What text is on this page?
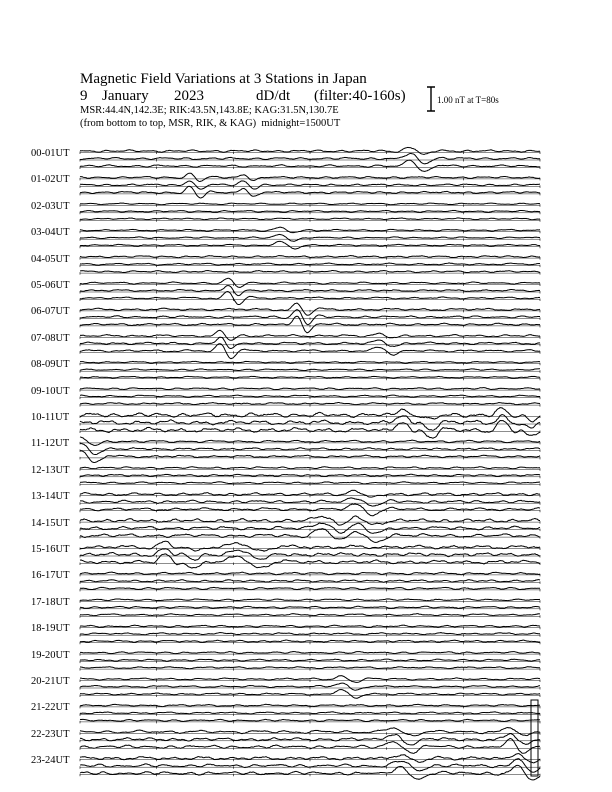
Magnetic Field Variations at 3 Stations in Japan
9 January 2023	dD/dt (filter:40-160s)
MSR:44.4N,142.3E; RIK:43.5N,143.8E; KAG:31.5N,130.7E
(from bottom to top, MSR, RIK, & KAG) midnight=1500UT
1.00 nT at T=80s
00-01UT
01-02UT
02-03UT
03-04UT
04-05UT
05-06UT
06-07UT
07-08UT
08-09UT
09-10UT
10-11UT
11-12UT
12-13UT
13-14UT
14-15UT
15-16UT
16-17UT
17-18UT
18-19UT
19-20UT
20-21UT
21-22UT
22-23UT
23-24UT
